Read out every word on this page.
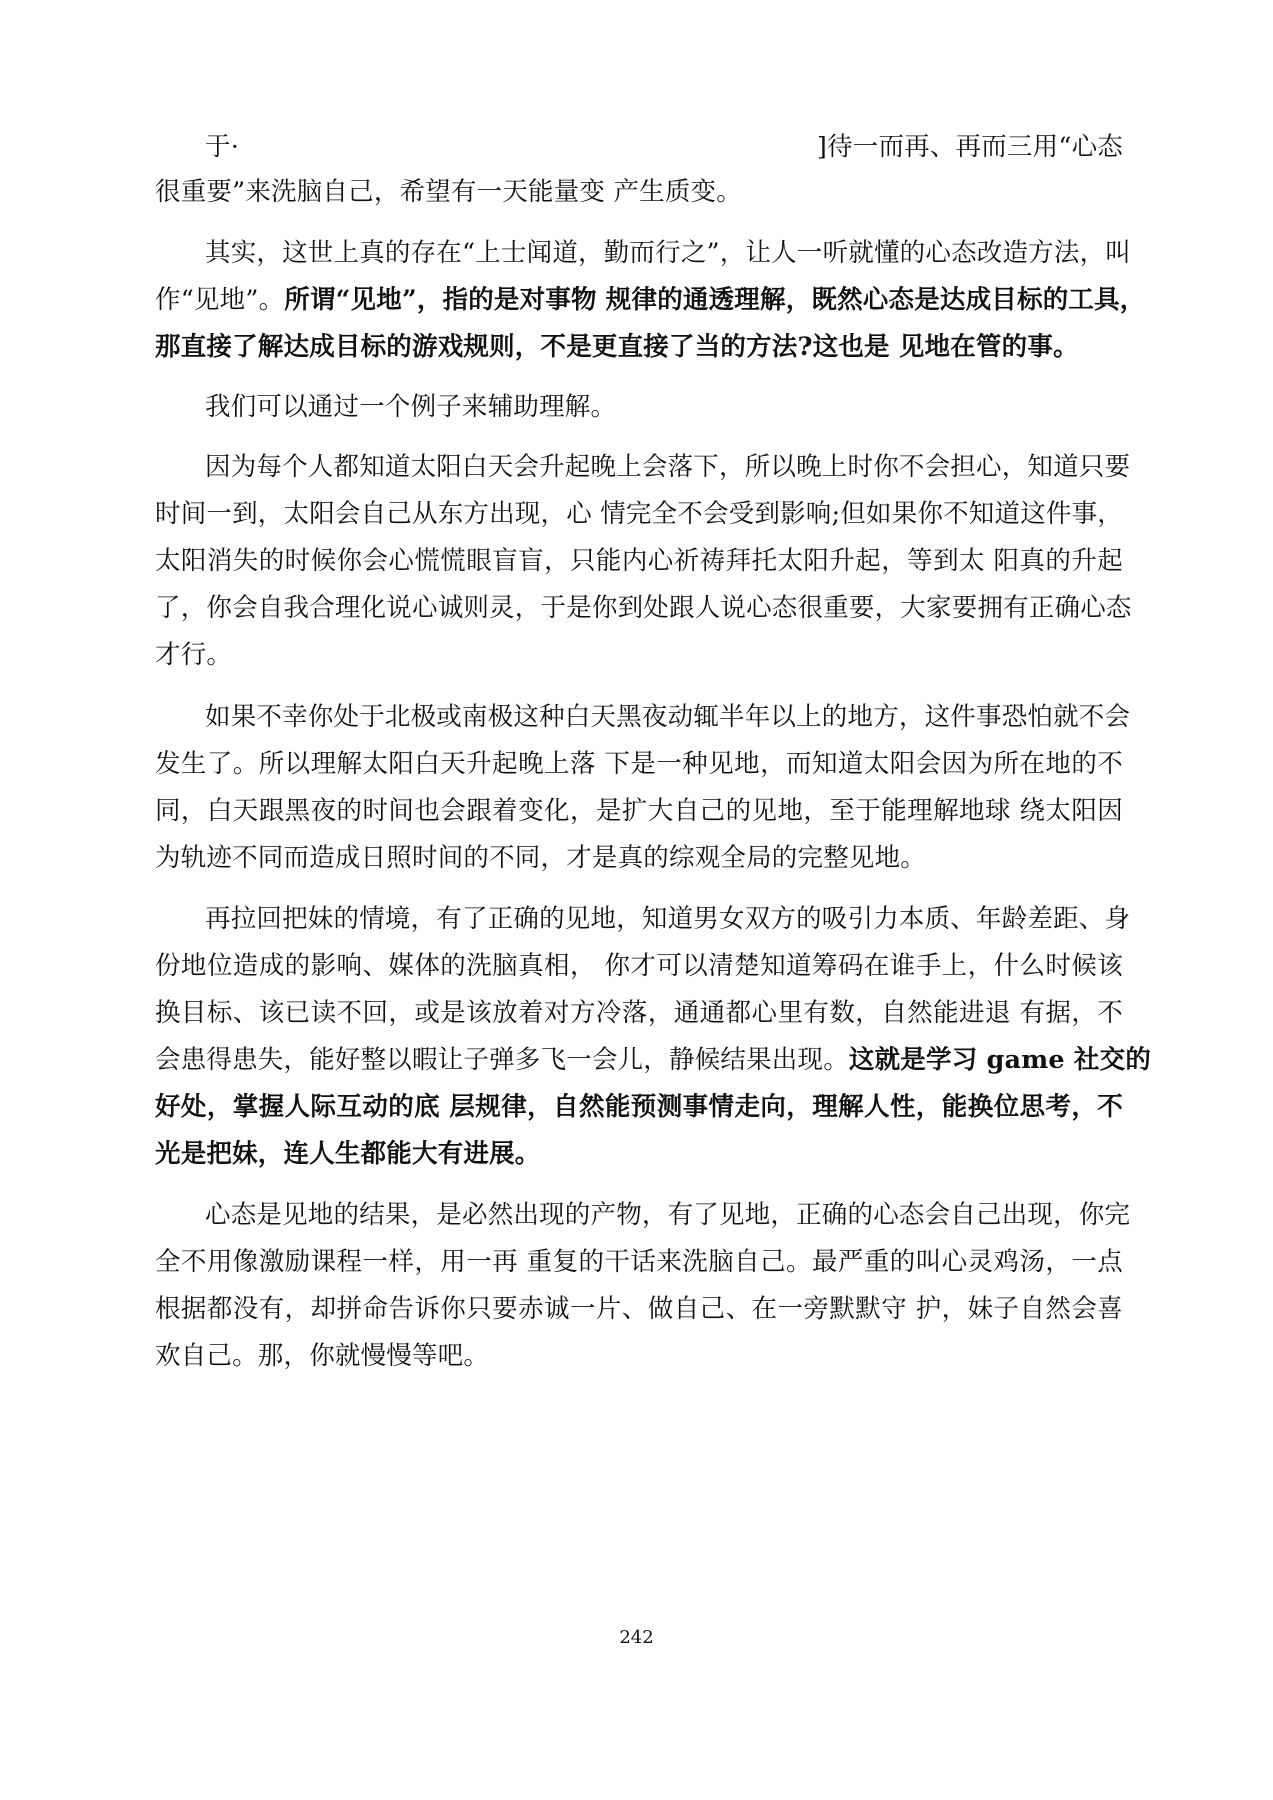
于·	]待一而再、再而三用“心态
很重要”来洗脑自己，希望有一天能量变 产生质变。
其实，这世上真的存在“上士闻道，勤而行之”，让人一听就懂的心态改造方法，叫
作“见地”。所谓“见地”，指的是对事物 规律的通透理解，既然心态是达成目标的工具，
那直接了解达成目标的游戏规则，不是更直接了当的方法?这也是 见地在管的事。
我们可以通过一个例子来辅助理解。
因为每个人都知道太阳白天会升起晚上会落下，所以晚上时你不会担心，知道只要
时间一到，太阳会自己从东方出现，心 情完全不会受到影响;但如果你不知道这件事，
太阳消失的时候你会心慌慌眼盲盲，只能内心祈祷拜托太阳升起，等到太 阳真的升起
了，你会自我合理化说心诚则灵，于是你到处跟人说心态很重要，大家要拥有正确心态
才行。
如果不幸你处于北极或南极这种白天黑夜动辄半年以上的地方，这件事恐怕就不会
发生了。所以理解太阳白天升起晚上落 下是一种见地，而知道太阳会因为所在地的不
同，白天跟黑夜的时间也会跟着变化，是扩大自己的见地，至于能理解地球 绕太阳因
为轨迹不同而造成日照时间的不同，才是真的综观全局的完整见地。
再拉回把妹的情境，有了正确的见地，知道男女双方的吸引力本质、年龄差距、身
份地位造成的影响、媒体的洗脑真相， 你才可以清楚知道筹码在谁手上，什么时候该
换目标、该已读不回，或是该放着对方冷落，通通都心里有数，自然能进退 有据，不
会患得患失，能好整以暇让子弹多飞一会儿，静候结果出现。这就是学习 game 社交的
好处，掌握人际互动的底 层规律，自然能预测事情走向，理解人性，能换位思考，不
光是把妹，连人生都能大有进展。
心态是见地的结果，是必然出现的产物，有了见地，正确的心态会自己出现，你完
全不用像激励课程一样，用一再 重复的干话来洗脑自己。最严重的叫心灵鸡汤，一点
根据都没有，却拼命告诉你只要赤诚一片、做自己、在一旁默默守 护，妹子自然会喜
欢自己。那，你就慢慢等吧。
242
